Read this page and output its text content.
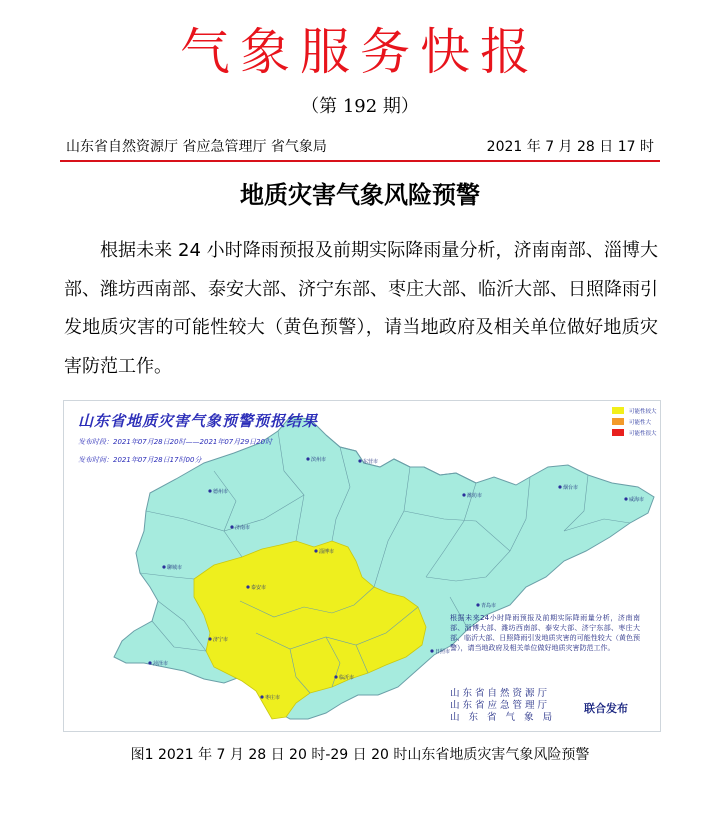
气象服务快报
（第 192 期）
山东省自然资源厅 省应急管理厅 省气象局	2021 年 7 月 28 日 17 时
地质灾害气象风险预警
根据未来 24 小时降雨预报及前期实际降雨量分析，济南南部、淄博大部、潍坊西南部、泰安大部、济宁东部、枣庄大部、临沂大部、日照降雨引发地质灾害的可能性较大（黄色预警），请当地政府及相关单位做好地质灾害防范工作。
滨州市	东营市
德州市
淄博市
潍坊市
烟台市
威海市
济南市
聊城市
泰安市
青岛市
日照市
济宁市
临沂市
菏泽市
枣庄市
山东省地质灾害气象预警预报结果
发布时段：2021年07月28日20时——2021年07月29日20时
发布时间：2021年07月28日17时00分
可能性较大
可能性大
可能性很大
根据未来24小时降雨预报及前期实际降雨量分析，济南南部、淄博大部、潍坊西南部、泰安大部、济宁东部、枣庄大部、临沂大部、日照降雨引发地质灾害的可能性较大（黄色预警），请当地政府及相关单位做好地质灾害防范工作。
山东省自然资源厅
山东省应急管理厅
山 东 省 气 象 局
联合发布
图1 2021 年 7 月 28 日 20 时-29 日 20 时山东省地质灾害气象风险预警
